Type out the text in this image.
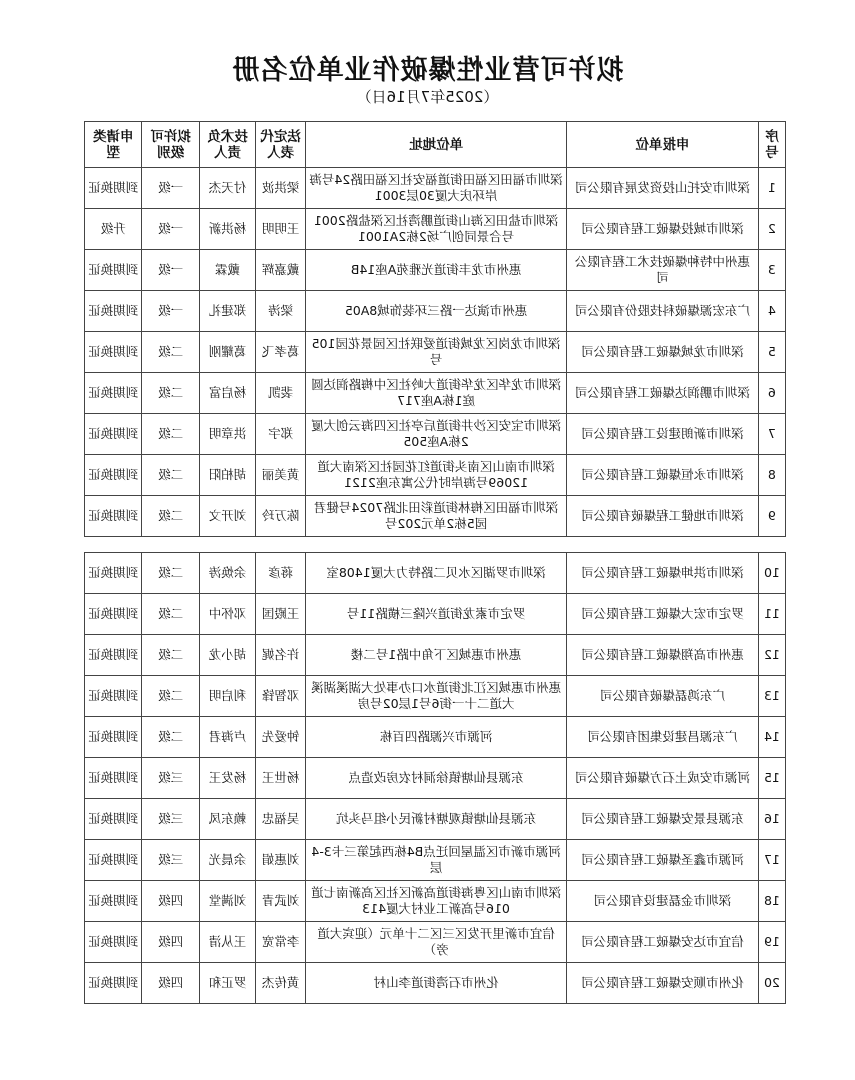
拟许可营业性爆破作业单位名册
（2025年7月16日）
序号	申报单位	单位地址	法定代表人	技术负责人	拟许可级别	申请类型
1	深圳市安托山投资发展有限公司	深圳市福田区福田街道福安社区福田路24号海岸环庆大厦30层3001	梁洪波	付天杰	一级	到期换证
2	深圳市城投爆破工程有限公司	深圳市盐田区海山街道鹏湾社区深盐路2001号合景同创广场2栋2A1001	王明明	杨洪新	一级	升级
3	惠州中特种爆破技术工程有限公司	惠州市龙丰街道光雅苑A座14B	戴嘉辉	戴霖	一级	到期换证
4	广东宏源爆破科技股份有限公司	惠州市演达一路三环装饰城8A05	梁涛	郑建礼	一级	到期换证
5	深圳市龙城爆破工程有限公司	深圳市龙岗区龙城街道爱联社区园景花园105号	葛孝飞	葛耀刚	二级	到期换证
6	深圳市鹏润达爆破工程有限公司	深圳市龙华区龙华街道大岭社区中梅路润达圆庭1栋A座717	裴凯	杨启富	二级	到期换证
7	深圳市新朗建设工程有限公司	深圳市宝安区沙井街道后亭社区四海云创大厦2栋A座505	郑宇	洪章明	二级	到期换证
8	深圳市永恒爆破工程有限公司	深圳市南山区南头街道红花园社区深南大道12069号海岸时代公寓东座2121	黄美丽	胡柏阳	二级	到期换证
9	深圳市地健工程爆破有限公司	深圳市福田区梅林街道彩田北路7024号健君园5栋2单元202号	陈万玲	刘开文	二级	到期换证
10	深圳市洪坤爆破工程有限公司	深圳市罗湖区水贝二路特力大厦1408室	蒋彦	余焕涛	二级	到期换证
11	罗定市宏大爆破工程有限公司	罗定市素龙街道兴隆三横路11号	王殿国	邓怀中	二级	到期换证
12	惠州市高翔爆破工程有限公司	惠州市惠城区下角中路1号二楼	许名娓	胡小龙	二级	到期换证
13	广东鸿磊爆破有限公司	惠州市惠城区江北街道水口办事处大湖溪湖溪大道二十一街6号1层02号房	邓智锋	利启明	二级	到期换证
14	广东源昌建设集团有限公司	河源市兴源路四百栋	钟爱先	卢海君	二级	到期换证
15	河源市安成土石方爆破有限公司	东源县仙塘镇徐洞村农房改造点	杨世王	杨发王	三级	到期换证
16	东源县景安爆破工程有限公司	东源县仙塘镇观塘村新民小组马头坑	吴福忠	赖东凤	三级	到期换证
17	河源市鑫圣爆破工程有限公司	河源市新市区温屋回迁点B4栋西起第三卡3-4层	刘惠娟	余晨光	三级	到期换证
18	深圳市金磊建设有限公司	深圳市南山区粤海街道高新区社区高新南七道016号高新工业村大厦413	刘武青	刘满堂	四级	到期换证
19	信宜市达安爆破工程有限公司	信宜市新里开发区三区二十单元（迎宾大道旁）	李常宽	王从清	四级	到期换证
20	化州市顺安爆破工程有限公司	化州市石湾街道李山村	黄传杰	罗正和	四级	到期换证
